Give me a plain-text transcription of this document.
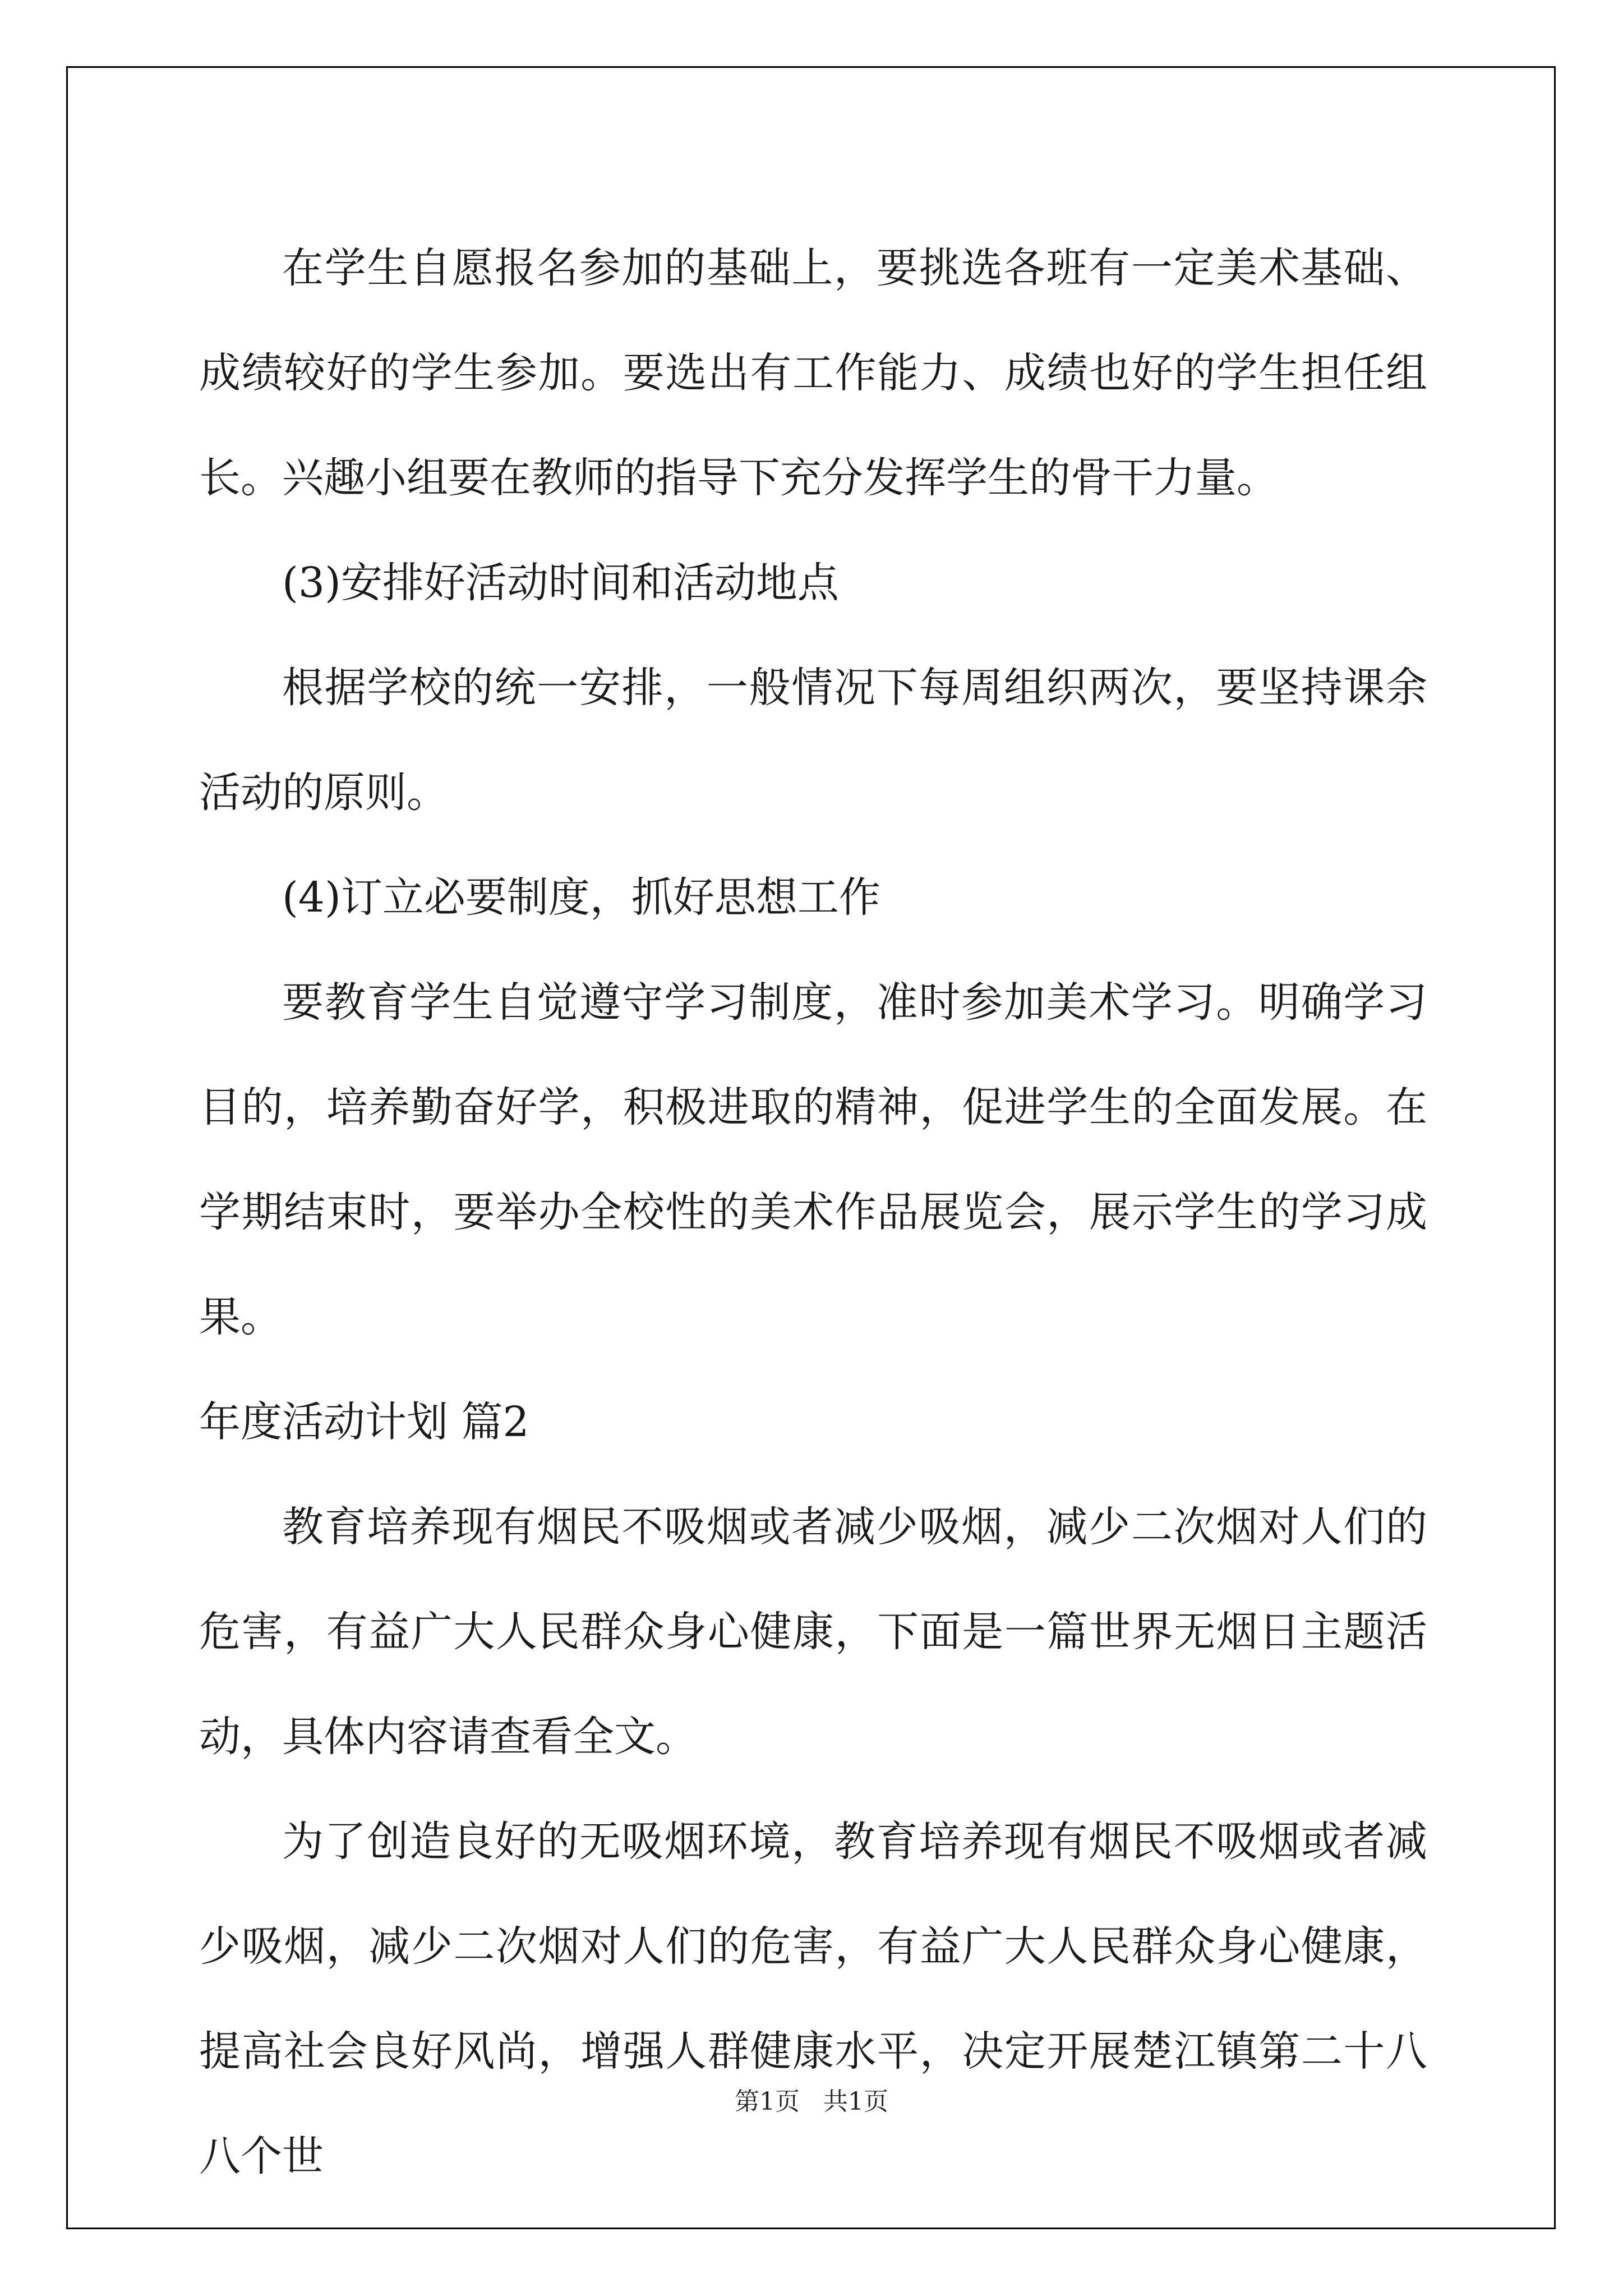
在学生自愿报名参加的基础上，要挑选各班有一定美术基础、成绩较好的学生参加。要选出有工作能力、成绩也好的学生担任组长。兴趣小组要在教师的指导下充分发挥学生的骨干力量。

(3)安排好活动时间和活动地点

根据学校的统一安排，一般情况下每周组织两次，要坚持课余活动的原则。

(4)订立必要制度，抓好思想工作

要教育学生自觉遵守学习制度，准时参加美术学习。明确学习目的，培养勤奋好学，积极进取的精神，促进学生的全面发展。在学期结束时，要举办全校性的美术作品展览会，展示学生的学习成果。

年度活动计划 篇2

教育培养现有烟民不吸烟或者减少吸烟，减少二次烟对人们的危害，有益广大人民群众身心健康，下面是一篇世界无烟日主题活动，具体内容请查看全文。

为了创造良好的无吸烟环境，教育培养现有烟民不吸烟或者减少吸烟，减少二次烟对人们的危害，有益广大人民群众身心健康，提高社会良好风尚，增强人群健康水平，决定开展楚江镇第二十八八个世

第1页   共1页
